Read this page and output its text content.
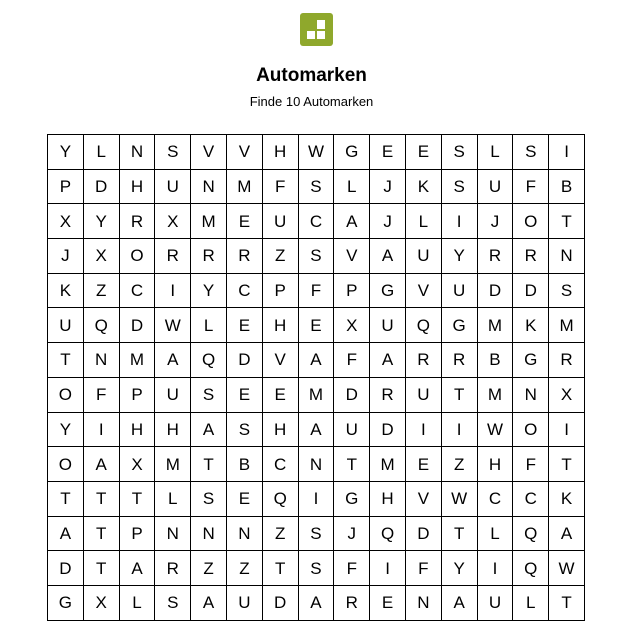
Automarken
Finde 10 Automarken
Y	L	N	S	V	V	H	W	G	E	E	S	L	S	I
P	D	H	U	N	M	F	S	L	J	K	S	U	F	B
X	Y	R	X	M	E	U	C	A	J	L	I	J	O	T
J	X	O	R	R	R	Z	S	V	A	U	Y	R	R	N
K	Z	C	I	Y	C	P	F	P	G	V	U	D	D	S
U	Q	D	W	L	E	H	E	X	U	Q	G	M	K	M
T	N	M	A	Q	D	V	A	F	A	R	R	B	G	R
O	F	P	U	S	E	E	M	D	R	U	T	M	N	X
Y	I	H	H	A	S	H	A	U	D	I	I	W	O	I
O	A	X	M	T	B	C	N	T	M	E	Z	H	F	T
T	T	T	L	S	E	Q	I	G	H	V	W	C	C	K
A	T	P	N	N	N	Z	S	J	Q	D	T	L	Q	A
D	T	A	R	Z	Z	T	S	F	I	F	Y	I	Q	W
G	X	L	S	A	U	D	A	R	E	N	A	U	L	T
